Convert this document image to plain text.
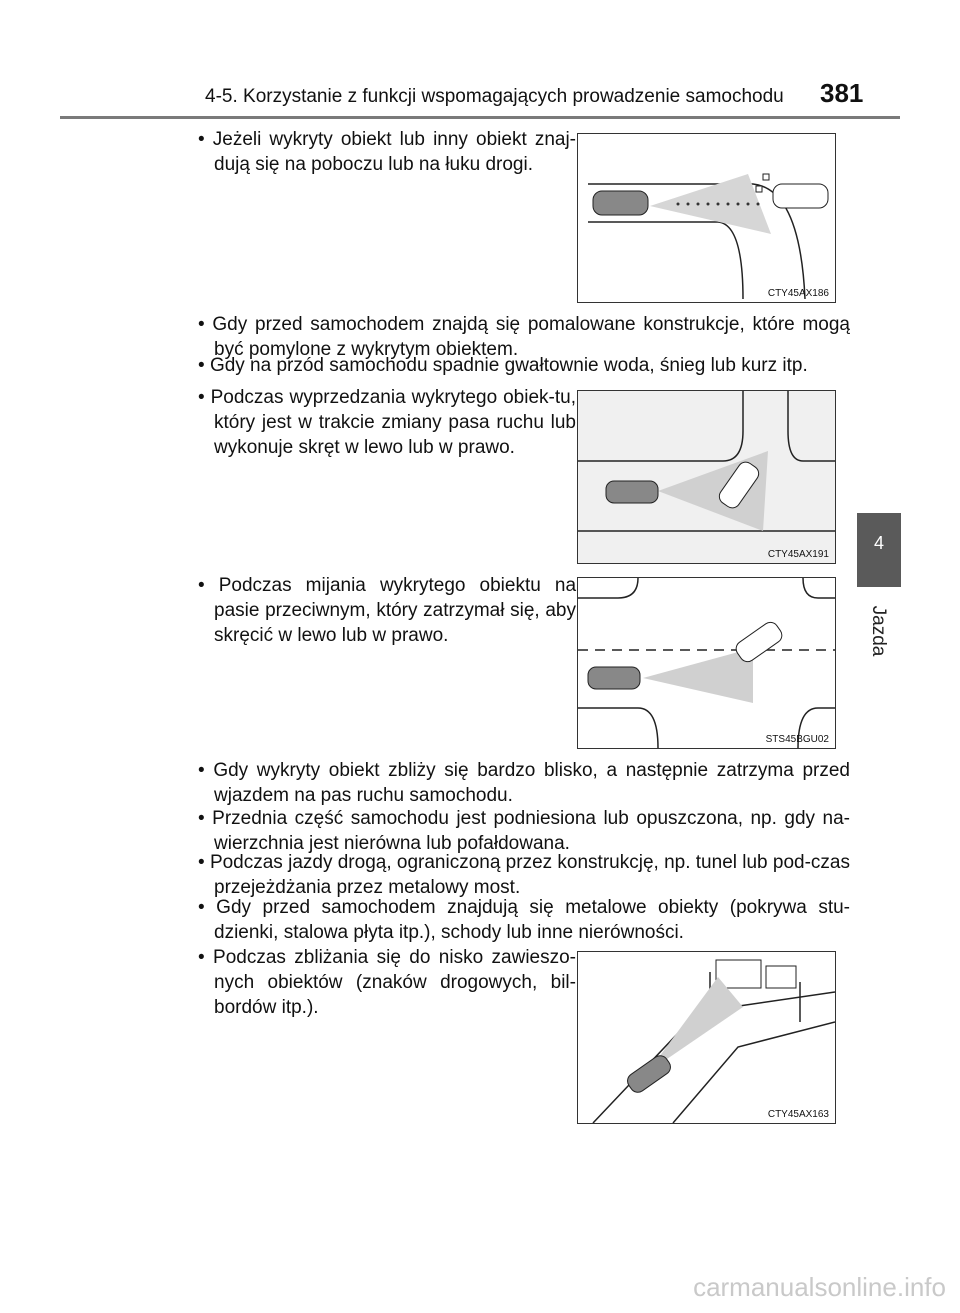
4-5. Korzystanie z funkcji wspomagających prowadzenie samochodu 381
4
Jazda
• Jeżeli wykryty obiekt lub inny obiekt znaj-dują się na poboczu lub na łuku drogi.
• Gdy przed samochodem znajdą się pomalowane konstrukcje, które mogą być pomylone z wykrytym obiektem.
• Gdy na przód samochodu spadnie gwałtownie woda, śnieg lub kurz itp.
• Podczas wyprzedzania wykrytego obiek-tu, który jest w trakcie zmiany pasa ruchu lub wykonuje skręt w lewo lub w prawo.
• Podczas mijania wykrytego obiektu na pasie przeciwnym, który zatrzymał się, aby skręcić w lewo lub w prawo.
• Gdy wykryty obiekt zbliży się bardzo blisko, a następnie zatrzyma przed wjazdem na pas ruchu samochodu.
• Przednia część samochodu jest podniesiona lub opuszczona, np. gdy na-wierzchnia jest nierówna lub pofałdowana.
• Podczas jazdy drogą, ograniczoną przez konstrukcję, np. tunel lub pod-czas przejeżdżania przez metalowy most.
• Gdy przed samochodem znajdują się metalowe obiekty (pokrywa stu-dzienki, stalowa płyta itp.), schody lub inne nierówności.
• Podczas zbliżania się do nisko zawieszo-nych obiektów (znaków drogowych, bil-bordów itp.).
CTY45AX186
CTY45AX191
STS45BGU02
CTY45AX163
carmanualsonline.info
